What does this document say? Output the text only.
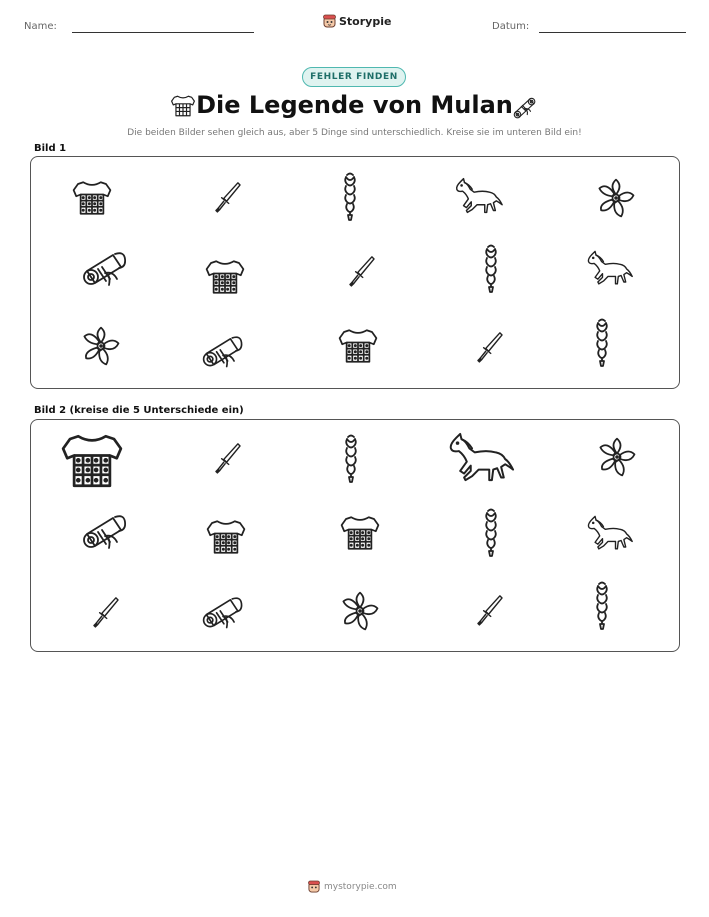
Name:	Storypie	Datum:
FEHLER FINDEN
Die Legende von Mulan
Die beiden Bilder sehen gleich aus, aber 5 Dinge sind unterschiedlich. Kreise sie im unteren Bild ein!
Bild 1
Bild 2 (kreise die 5 Unterschiede ein)
mystorypie.com
